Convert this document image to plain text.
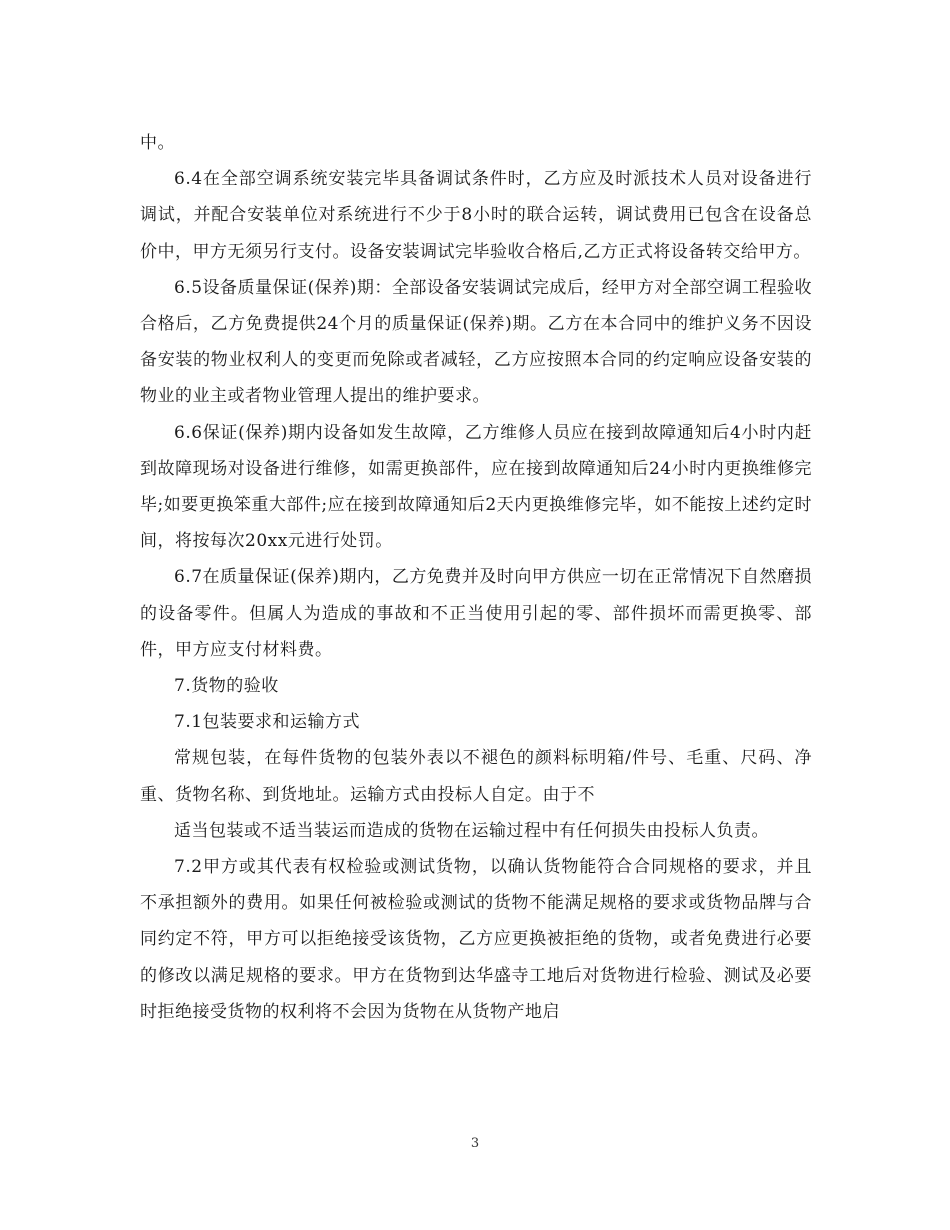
中。

6.4在全部空调系统安装完毕具备调试条件时，乙方应及时派技术人员对设备进行调试，并配合安装单位对系统进行不少于8小时的联合运转，调试费用已包含在设备总价中，甲方无须另行支付。设备安装调试完毕验收合格后,乙方正式将设备转交给甲方。

6.5设备质量保证(保养)期：全部设备安装调试完成后，经甲方对全部空调工程验收合格后，乙方免费提供24个月的质量保证(保养)期。乙方在本合同中的维护义务不因设备安装的物业权利人的变更而免除或者减轻，乙方应按照本合同的约定响应设备安装的物业的业主或者物业管理人提出的维护要求。

6.6保证(保养)期内设备如发生故障，乙方维修人员应在接到故障通知后4小时内赶到故障现场对设备进行维修，如需更换部件，应在接到故障通知后24小时内更换维修完毕;如要更换笨重大部件;应在接到故障通知后2天内更换维修完毕，如不能按上述约定时间，将按每次20xx元进行处罚。

6.7在质量保证(保养)期内，乙方免费并及时向甲方供应一切在正常情况下自然磨损的设备零件。但属人为造成的事故和不正当使用引起的零、部件损坏而需更换零、部件，甲方应支付材料费。

7.货物的验收

7.1包装要求和运输方式

常规包装，在每件货物的包装外表以不褪色的颜料标明箱/件号、毛重、尺码、净重、货物名称、到货地址。运输方式由投标人自定。由于不

适当包装或不适当装运而造成的货物在运输过程中有任何损失由投标人负责。

7.2甲方或其代表有权检验或测试货物，以确认货物能符合合同规格的要求，并且不承担额外的费用。如果任何被检验或测试的货物不能满足规格的要求或货物品牌与合同约定不符，甲方可以拒绝接受该货物，乙方应更换被拒绝的货物，或者免费进行必要的修改以满足规格的要求。甲方在货物到达华盛寺工地后对货物进行检验、测试及必要时拒绝接受货物的权利将不会因为货物在从货物产地启

3
